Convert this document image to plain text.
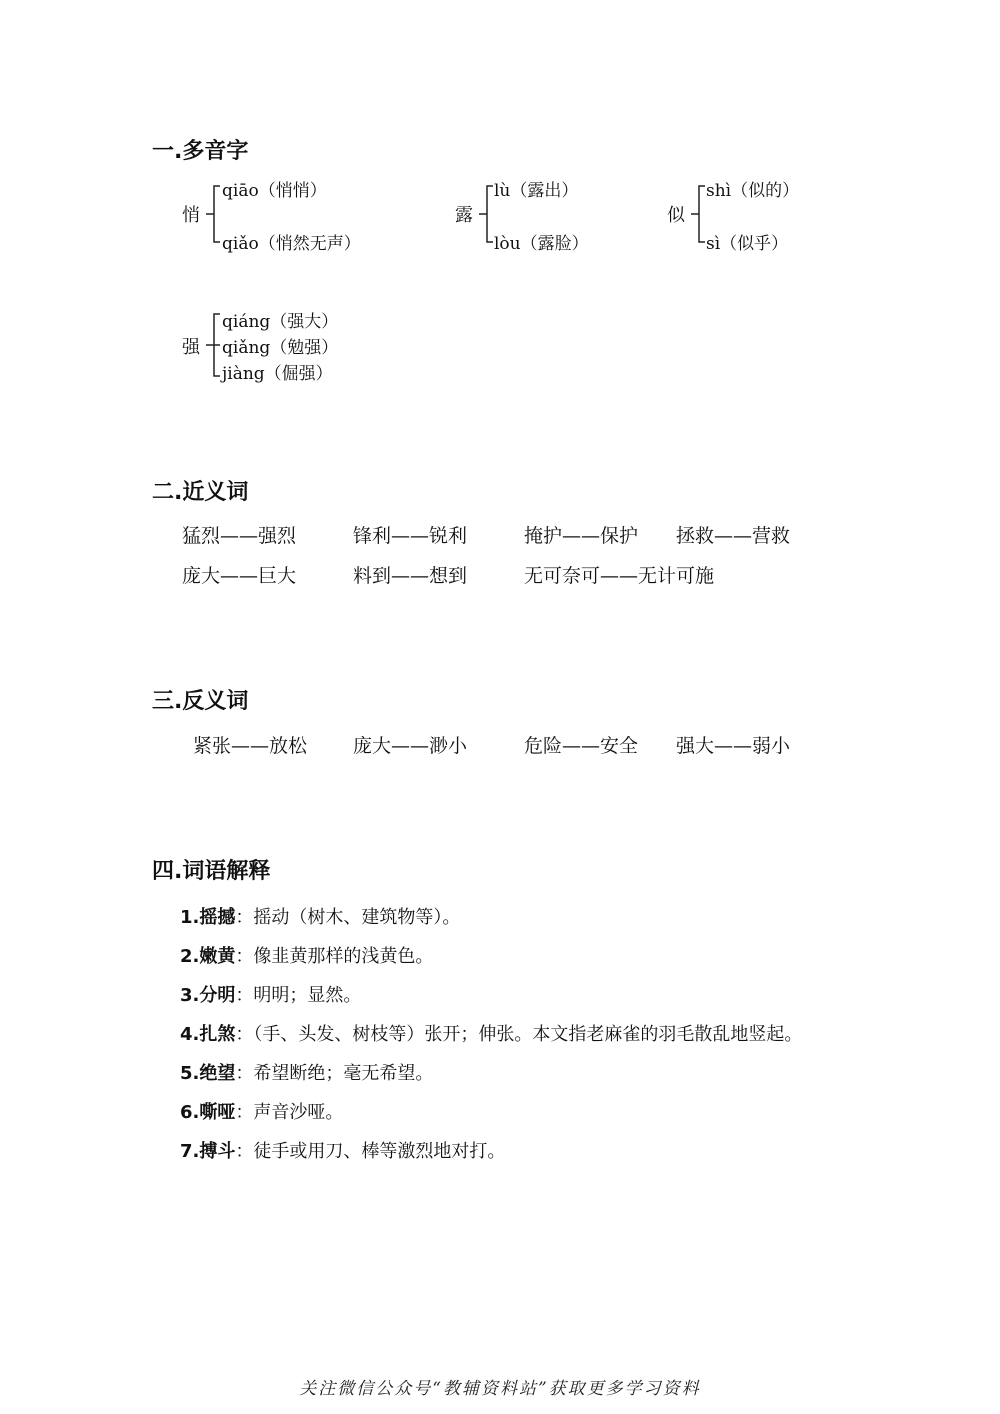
一.多音字
悄
qiāo（悄悄）
qiǎo（悄然无声）
露
lù（露出）
lòu（露脸）
似
shì（似的）
sì（似乎）
强
qiáng（强大）
qiǎng（勉强）
jiàng（倔强）
二.近义词
猛烈——强烈	锋利——锐利	掩护——保护 拯救——营救
庞大——巨大	料到——想到	无可奈可——无计可施
三.反义词
紧张——放松 庞大——渺小	危险——安全 强大——弱小
四.词语解释
1.摇撼：摇动（树木、建筑物等）。
2.嫩黄：像韭黄那样的浅黄色。
3.分明：明明；显然。
4.扎煞：（手、头发、树枝等）张开；伸张。本文指老麻雀的羽毛散乱地竖起。
5.绝望：希望断绝；毫无希望。
6.嘶哑：声音沙哑。
7.搏斗：徒手或用刀、棒等激烈地对打。
关注微信公众号“教辅资料站”获取更多学习资料
